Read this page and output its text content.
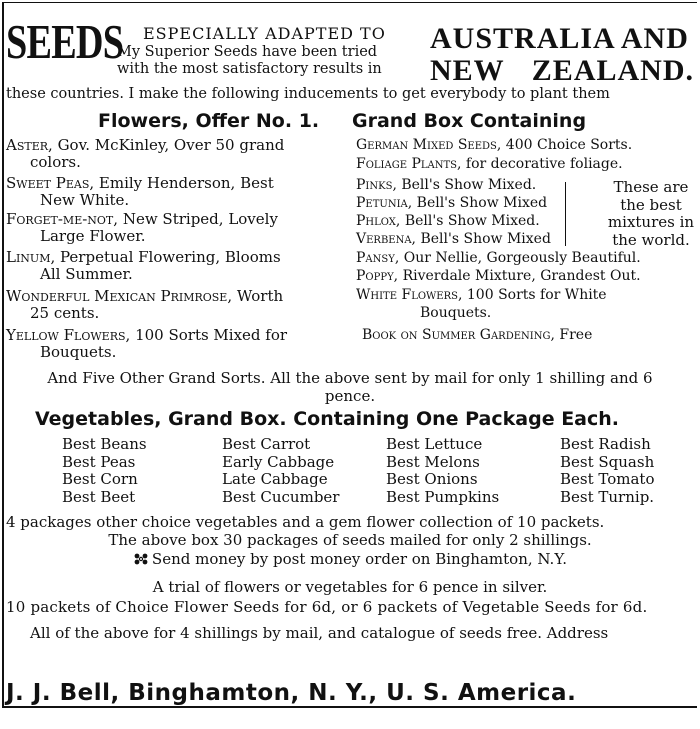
SEEDS ESPECIALLY ADAPTED TO
My Superior Seeds have been tried
with the most satisfactory results in
AUSTRALIA AND
NEW ZEALAND.
these countries. I make the following inducements to get everybody to plant them
Flowers, Offer No. 1. Grand Box Containing
Aster, Gov. McKinley, Over 50 grand
colors.
Sweet Peas, Emily Henderson, Best
New White.
Forget-me-not, New Striped, Lovely
Large Flower.
Linum, Perpetual Flowering, Blooms
All Summer.
Wonderful Mexican Primrose, Worth
25 cents.
Yellow Flowers, 100 Sorts Mixed for
Bouquets.
German Mixed Seeds, 400 Choice Sorts.
Foliage Plants, for decorative foliage.
Pinks, Bell's Show Mixed.
Petunia, Bell's Show Mixed
Phlox, Bell's Show Mixed.
Verbena, Bell's Show Mixed
Pansy, Our Nellie, Gorgeously Beautiful.
Poppy, Riverdale Mixture, Grandest Out.
White Flowers, 100 Sorts for White
Bouquets.
Book on Summer Gardening, Free
These are
the best
mixtures in
the world.
And Five Other Grand Sorts. All the above sent by mail for only 1 shilling and 6
pence.
Vegetables, Grand Box. Containing One Package Each.
Best Beans
Best Peas
Best Corn
Best Beet
Best Carrot
Early Cabbage
Late Cabbage
Best Cucumber
Best Lettuce
Best Melons
Best Onions
Best Pumpkins
Best Radish
Best Squash
Best Tomato
Best Turnip.
4 packages other choice vegetables and a gem flower collection of 10 packets.
The above box 30 packages of seeds mailed for only 2 shillings.
Send money by post money order on Binghamton, N.Y.
A trial of flowers or vegetables for 6 pence in silver.
10 packets of Choice Flower Seeds for 6d, or 6 packets of Vegetable Seeds for 6d.
All of the above for 4 shillings by mail, and catalogue of seeds free. Address
J. J. Bell, Binghamton, N. Y., U. S. America.
